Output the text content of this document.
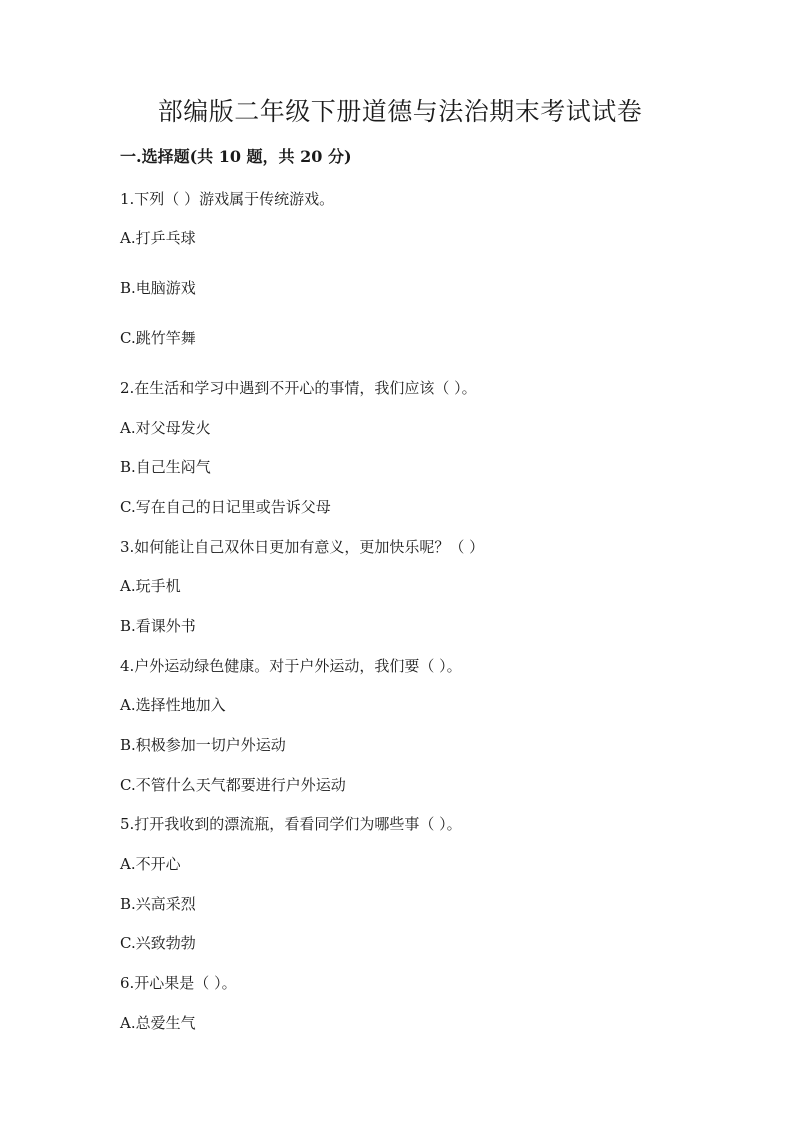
部编版二年级下册道德与法治期末考试试卷
一.选择题(共 10 题，共 20 分)
1.下列（ ）游戏属于传统游戏。
A.打乒乓球
B.电脑游戏
C.跳竹竿舞
2.在生活和学习中遇到不开心的事情，我们应该（ ）。
A.对父母发火
B.自己生闷气
C.写在自己的日记里或告诉父母
3.如何能让自己双休日更加有意义，更加快乐呢？（ ）
A.玩手机
B.看课外书
4.户外运动绿色健康。对于户外运动，我们要（ ）。
A.选择性地加入
B.积极参加一切户外运动
C.不管什么天气都要进行户外运动
5.打开我收到的漂流瓶，看看同学们为哪些事（ ）。
A.不开心
B.兴高采烈
C.兴致勃勃
6.开心果是（ ）。
A.总爱生气
